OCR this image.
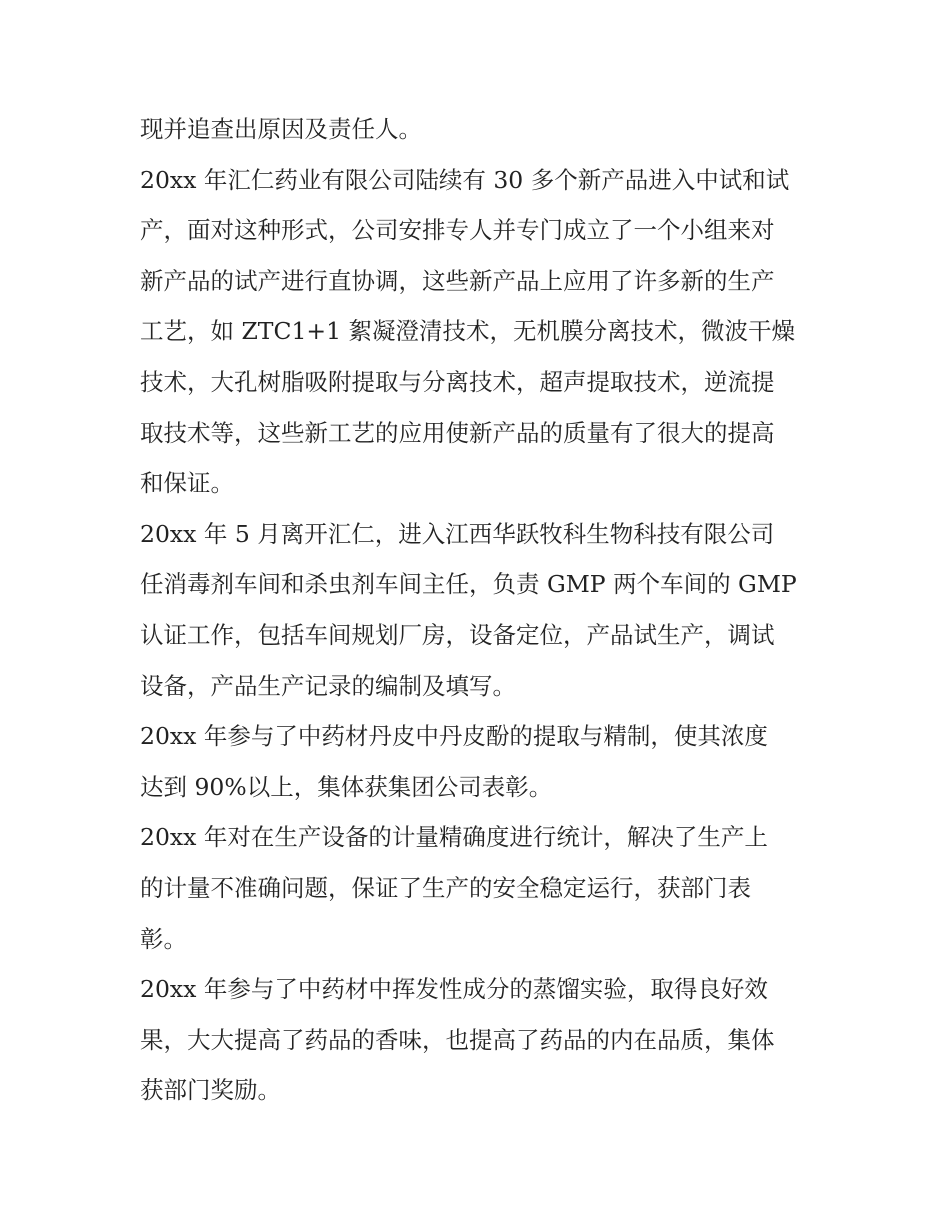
现并追查出原因及责任人。
20xx 年汇仁药业有限公司陆续有 30 多个新产品进入中试和试
产，面对这种形式，公司安排专人并专门成立了一个小组来对
新产品的试产进行直协调，这些新产品上应用了许多新的生产
工艺，如 ZTC1+1 絮凝澄清技术，无机膜分离技术，微波干燥
技术，大孔树脂吸附提取与分离技术，超声提取技术，逆流提
取技术等，这些新工艺的应用使新产品的质量有了很大的提高
和保证。
20xx 年 5 月离开汇仁，进入江西华跃牧科生物科技有限公司
任消毒剂车间和杀虫剂车间主任，负责 GMP 两个车间的 GMP
认证工作，包括车间规划厂房，设备定位，产品试生产，调试
设备，产品生产记录的编制及填写。
20xx 年参与了中药材丹皮中丹皮酚的提取与精制，使其浓度
达到 90%以上，集体获集团公司表彰。
20xx 年对在生产设备的计量精确度进行统计，解决了生产上
的计量不准确问题，保证了生产的安全稳定运行，获部门表
彰。
20xx 年参与了中药材中挥发性成分的蒸馏实验，取得良好效
果，大大提高了药品的香味，也提高了药品的内在品质，集体
获部门奖励。
